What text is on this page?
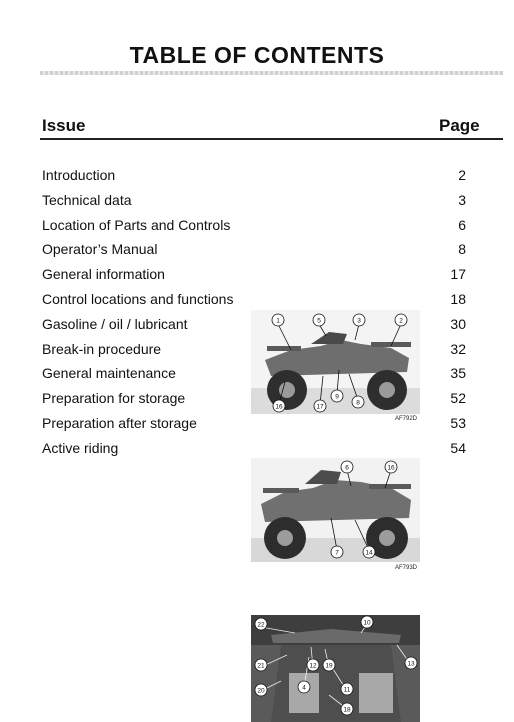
TABLE OF CONTENTS
Issue	Page
Introduction	2
Technical data	3
Location of Parts and Controls	6
Operator’s Manual	8
General information	17
Control locations and functions	18
Gasoline / oil / lubricant	30
Break-in procedure	32
General maintenance	35
Preparation for storage	52
Preparation after storage	53
Active riding	54
1	5	3	2
16	17
9
8
AF792D
6	16
7	14
AF793D
22	10
21	12 19	13
20	4	11
18
